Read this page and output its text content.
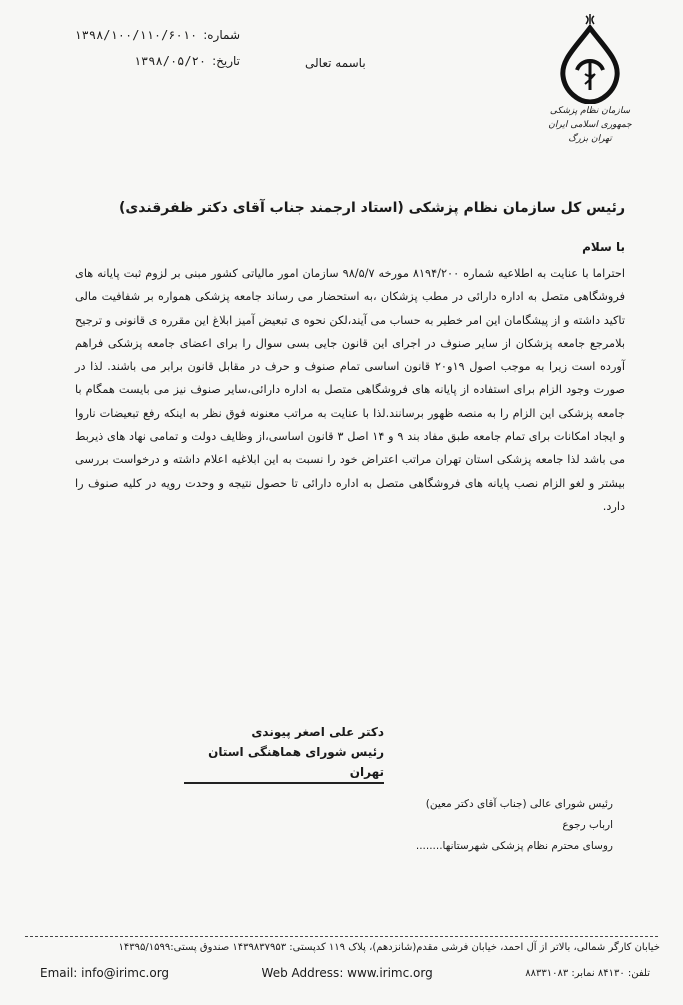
شماره:
۱۳۹۸/۱۰۰/۱۱۰/۶۰۱۰
تاریخ:
۱۳۹۸/۰۵/۲۰	باسمه تعالی
سازمان نظام پزشکی جمهوری اسلامی ایران
تهران بزرگ
رئیس کل سازمان نظام پزشکی (استاد ارجمند جناب آقای دکتر ظفرقندی)
با سلام
احتراما با عنایت به اطلاعیه شماره ۸۱۹۴/۲۰۰ مورخه ۹۸/۵/۷ سازمان امور مالیاتی کشور مبنی بر لزوم ثبت پایانه های فروشگاهی متصل به اداره دارائی در مطب پزشکان ،به استحضار می رساند جامعه پزشکی همواره بر شفافیت مالی تاکید داشته و از پیشگامان این امر خطیر به حساب می آیند،لکن نحوه ی تبعیض آمیز ابلاغ این مقرره ی قانونی و ترجیح بلامرجع جامعه پزشکان از سایر صنوف در اجرای این قانون جایی بسی سوال را برای اعضای جامعه پزشکی فراهم آورده است زیرا به موجب اصول ۱۹و۲۰ قانون اساسی تمام صنوف و حرف در مقابل قانون برابر می باشند. لذا در صورت وجود الزام برای استفاده از پایانه های فروشگاهی متصل به اداره دارائی،سایر صنوف نیز می بایست همگام با جامعه پزشکی این الزام را به منصه ظهور برسانند.لذا با عنایت به مراتب معنونه فوق نظر به اینکه رفع تبعیضات ناروا و ایجاد امکانات برای تمام جامعه طبق مفاد بند ۹ و ۱۴ اصل ۳ قانون اساسی،از وظایف دولت و تمامی نهاد های ذیربط می باشد لذا جامعه پزشکی استان تهران مراتب اعتراض خود را نسبت به این ابلاغیه اعلام داشته و درخواست بررسی بیشتر و لغو الزام نصب پایانه های فروشگاهی متصل به اداره دارائی تا حصول نتیجه و وحدت رویه در کلیه صنوف را دارد.
دکتر علی اصغر پیوندی
رئیس شورای هماهنگی استان تهران
رئیس شورای عالی (جناب آقای دکتر معین)
ارباب رجوع
روسای محترم نظام پزشکی شهرستانها........
خیابان کارگر شمالی، بالاتر از آل احمد، خیابان فرشی مقدم(شانزدهم)، پلاک ۱۱۹ کدپستی: ۱۴۳۹۸۳۷۹۵۳ صندوق پستی:۱۴۳۹۵/۱۵۹۹
Email: info@irimc.org	Web Address: www.irimc.org	تلفن: ۸۴۱۳۰ نمابر: ۸۸۳۳۱۰۸۳
